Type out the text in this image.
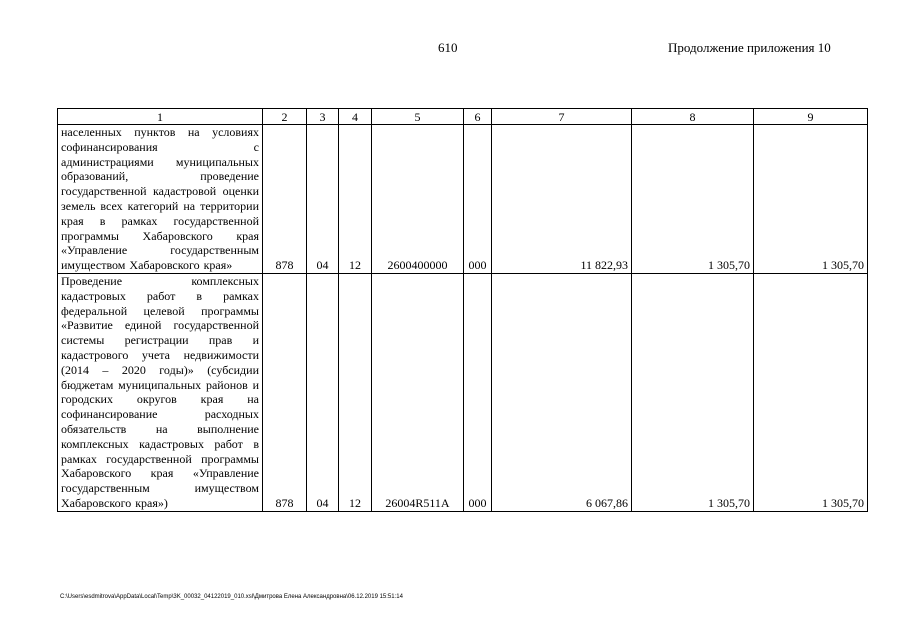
610	Продолжение приложения 10
1	2	3	4	5	6	7	8	9
населенных пунктов на условиях софинансирования с администрациями муниципальных образований, проведение государственной кадастровой оценки земель всех категорий на территории края в рамках государственной программы Хабаровского края «Управление государственным имуществом Хабаровского края»	878	04	12	2600400000	000	11 822,93	1 305,70	1 305,70
Проведение комплексных кадастровых работ в рамках федеральной целевой программы «Развитие единой государственной системы регистрации прав и кадастрового учета недвижимости (2014 – 2020 годы)» (субсидии бюджетам муниципальных районов и городских округов края на софинансирование расходных обязательств на выполнение комплексных кадастровых работ в рамках государственной программы Хабаровского края «Управление государственным имуществом Хабаровского края»)	878	04	12	26004R511A	000	6 067,86	1 305,70	1 305,70
C:\Users\esdmitrova\AppData\Local\Temp\3K_00032_04122019_010.xsl\Дмитрова Елена Александровна\06.12.2019 15:51:14
